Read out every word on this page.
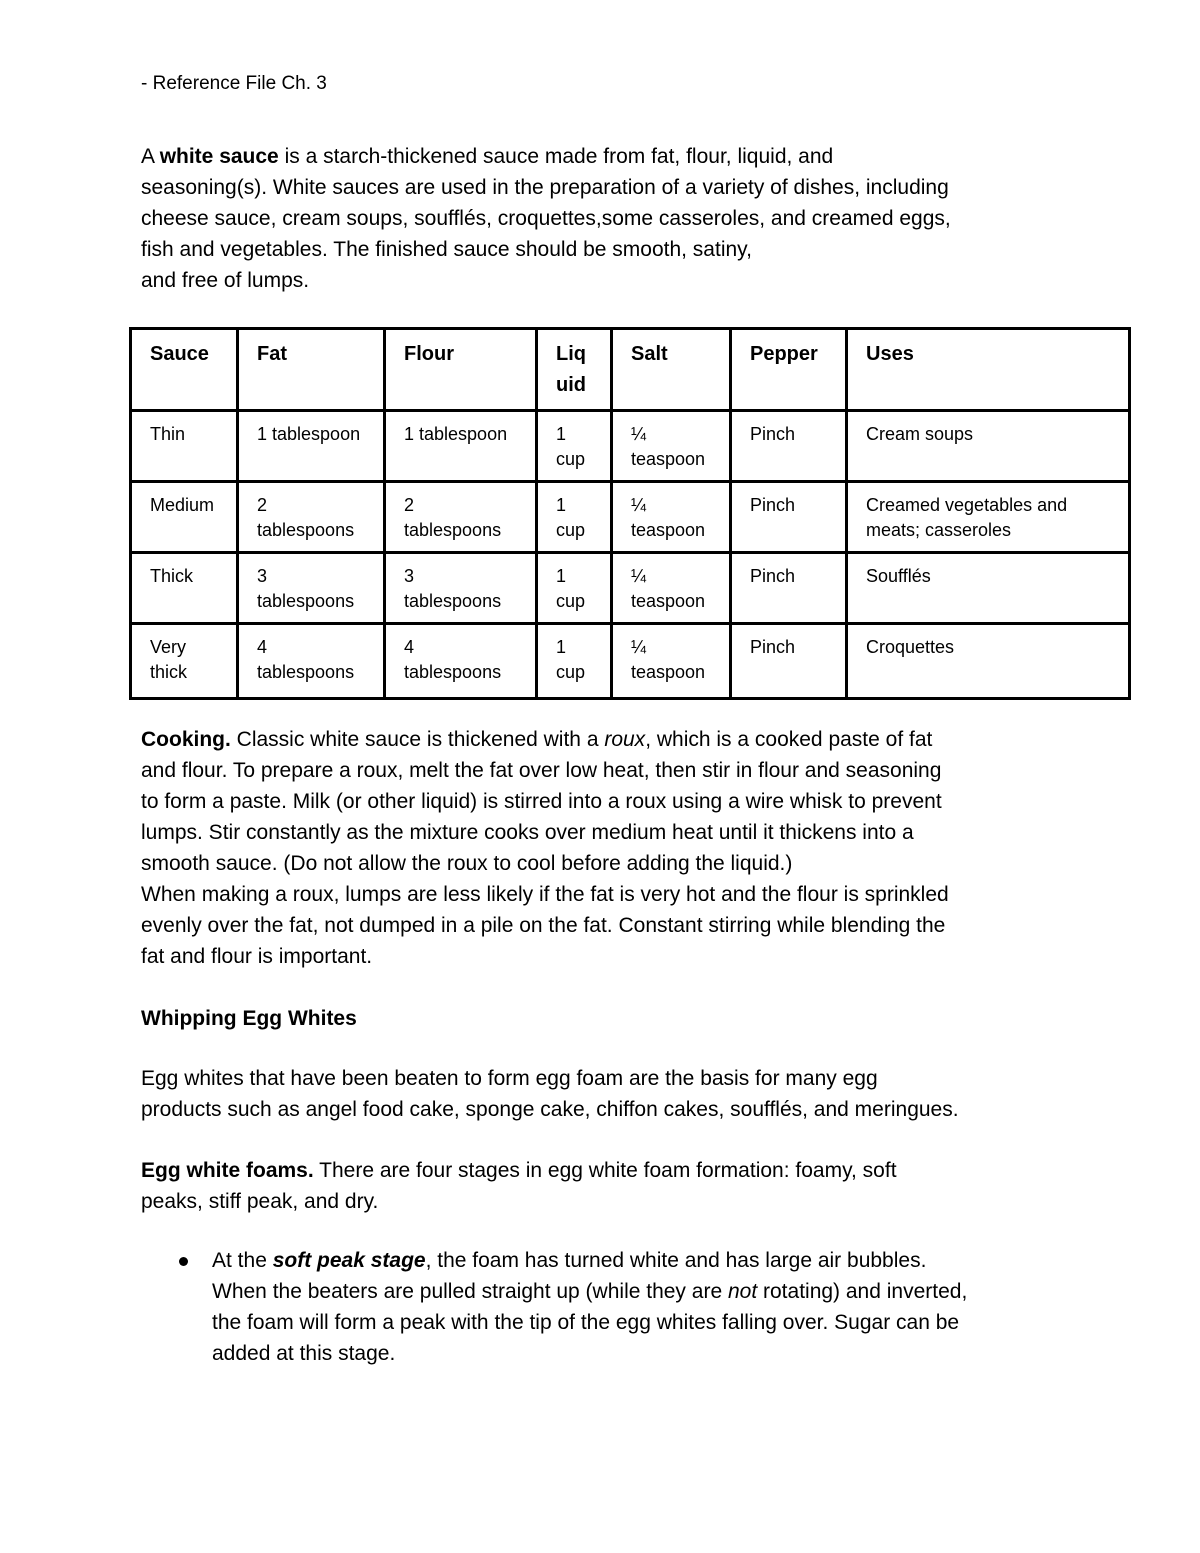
- Reference File Ch. 3

A white sauce is a starch-thickened sauce made from fat, flour, liquid, and
seasoning(s). White sauces are used in the preparation of a variety of dishes, including
cheese sauce, cream soups, soufflés, croquettes,some casseroles, and creamed eggs,
fish and vegetables. The finished sauce should be smooth, satiny,
and free of lumps.

Sauce	Fat	Flour	Liq
uid	Salt	Pepper	Uses

Thin	1 tablespoon	1 tablespoon	1
cup	¼
teaspoon	Pinch	Cream soups

Medium	2
tablespoons	2
tablespoons	1
cup	¼
teaspoon	Pinch	Creamed vegetables and
meats; casseroles

Thick	3
tablespoons	3
tablespoons	1
cup	¼
teaspoon	Pinch	Soufflés

Very
thick	4
tablespoons	4
tablespoons	1
cup	¼
teaspoon	Pinch	Croquettes

Cooking. Classic white sauce is thickened with a roux, which is a cooked paste of fat
and flour. To prepare a roux, melt the fat over low heat, then stir in flour and seasoning
to form a paste. Milk (or other liquid) is stirred into a roux using a wire whisk to prevent
lumps. Stir constantly as the mixture cooks over medium heat until it thickens into a
smooth sauce. (Do not allow the roux to cool before adding the liquid.)
When making a roux, lumps are less likely if the fat is very hot and the flour is sprinkled
evenly over the fat, not dumped in a pile on the fat. Constant stirring while blending the
fat and flour is important.

Whipping Egg Whites

Egg whites that have been beaten to form egg foam are the basis for many egg
products such as angel food cake, sponge cake, chiffon cakes, soufflés, and meringues.

Egg white foams. There are four stages in egg white foam formation: foamy, soft
peaks, stiff peak, and dry.

At the soft peak stage, the foam has turned white and has large air bubbles.
When the beaters are pulled straight up (while they are not rotating) and inverted,
the foam will form a peak with the tip of the egg whites falling over. Sugar can be
added at this stage.
